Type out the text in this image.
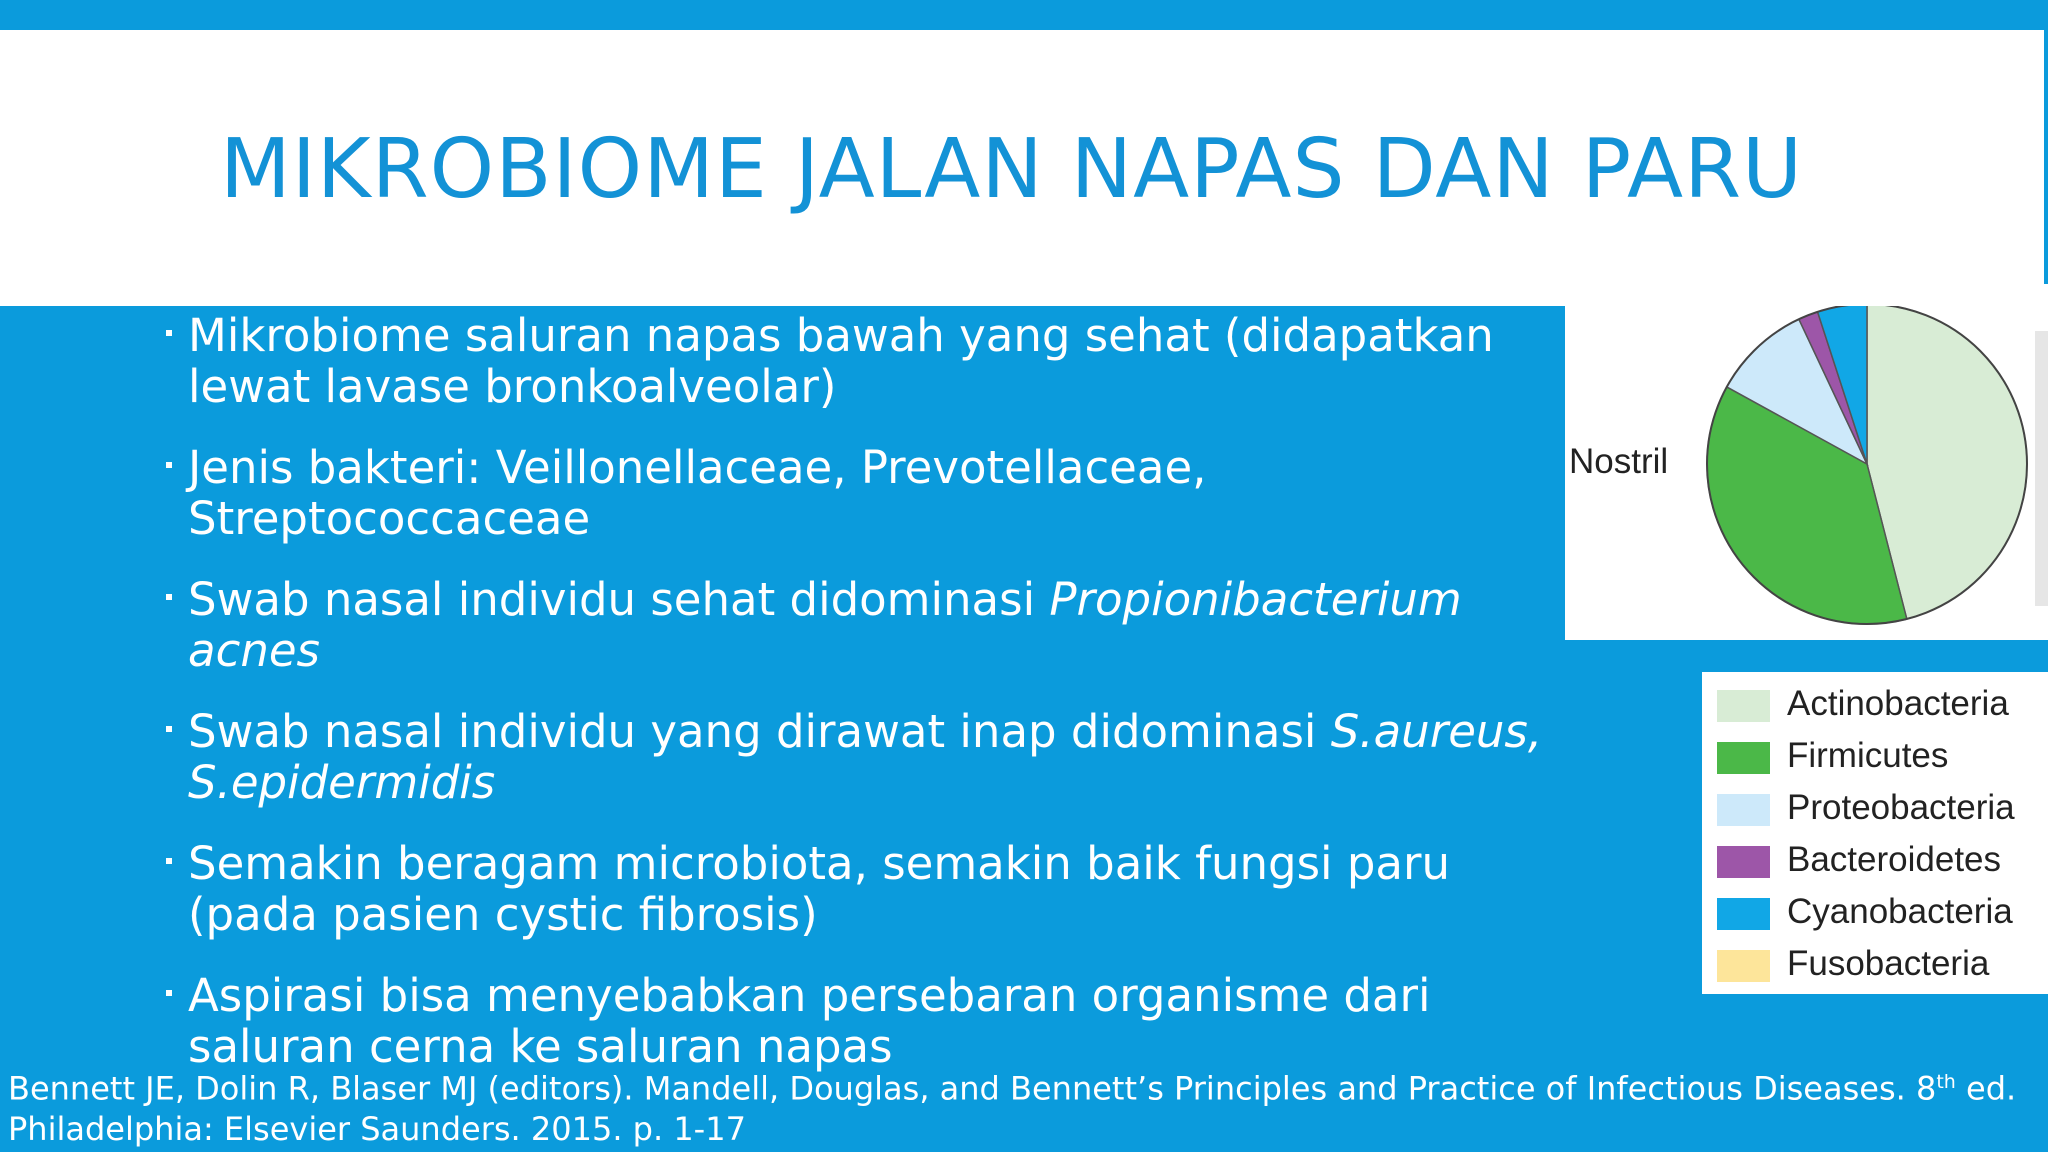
MIKROBIOME JALAN NAPAS DAN PARU
Mikrobiome saluran napas bawah yang sehat (didapatkan lewat lavase bronkoalveolar)
Jenis bakteri: Veillonellaceae, Prevotellaceae, Streptococcaceae
Swab nasal individu sehat didominasi Propionibacterium acnes
Swab nasal individu yang dirawat inap didominasi S.aureus, S.epidermidis
Semakin beragam microbiota, semakin baik fungsi paru (pada pasien cystic fibrosis)
Aspirasi bisa menyebabkan persebaran organisme dari saluran cerna ke saluran napas
Nostril
Actinobacteria
Firmicutes
Proteobacteria
Bacteroidetes
Cyanobacteria
Fusobacteria

Bennett JE, Dolin R, Blaser MJ (editors). Mandell, Douglas, and Bennett’s Principles and Practice of Infectious Diseases. 8th ed.
Philadelphia: Elsevier Saunders. 2015. p. 1-17
